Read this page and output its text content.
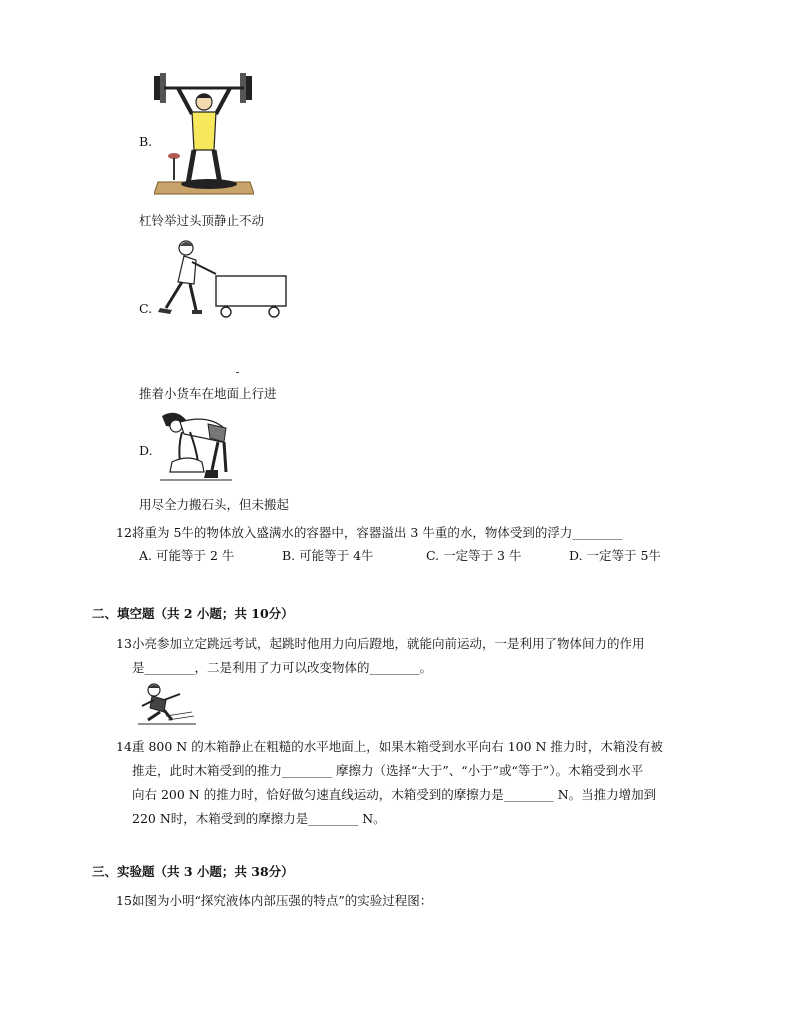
B.
杠铃举过头顶静止不动
C.
推着小货车在地面上行进
D.
用尽全力搬石头，但未搬起
12.
将重为 5牛的物体放入盛满水的容器中，容器溢出 3 牛重的水，物体受到的浮力________
A. 可能等于 2 牛	B. 可能等于 4牛	C. 一定等于 3 牛	D. 一定等于 5牛
二、填空题（共 2 小题；共 10分）
13.
小亮参加立定跳远考试，起跳时他用力向后蹬地，就能向前运动，一是利用了物体间力的作用
是________，二是利用了力可以改变物体的________。
14.
重 800 N 的木箱静止在粗糙的水平地面上，如果木箱受到水平向右 100 N 推力时，木箱没有被
推走，此时木箱受到的推力________ 摩擦力（选择“大于”、“小于”或“等于”）。木箱受到水平
向右 200 N 的推力时，恰好做匀速直线运动，木箱受到的摩擦力是________ N。当推力增加到
220 N时，木箱受到的摩擦力是________ N。
三、实验题（共 3 小题；共 38分）
15.
如图为小明“探究液体内部压强的特点”的实验过程图：
